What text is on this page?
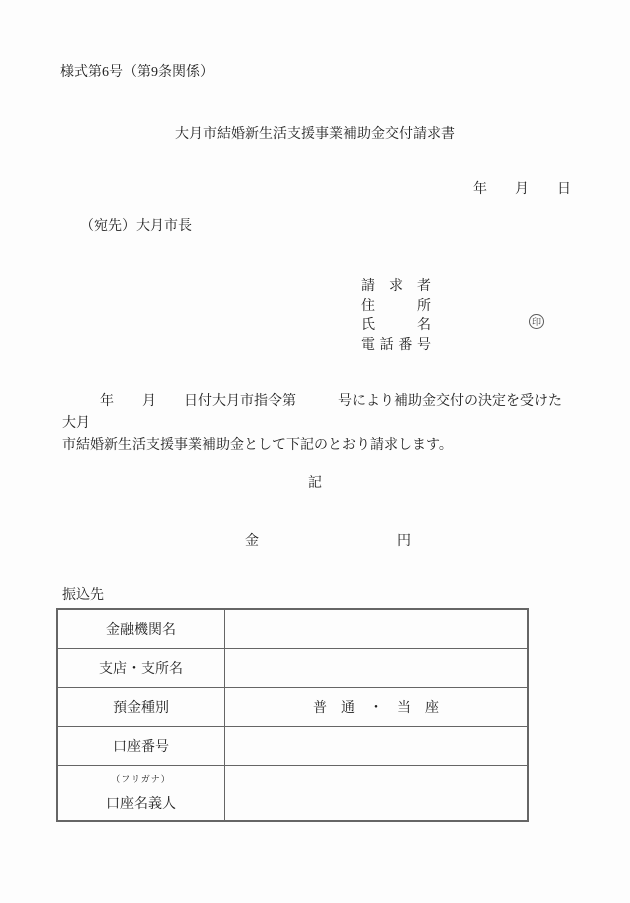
様式第6号（第9条関係）
大月市結婚新生活支援事業補助金交付請求書
年　　月　　日
（宛先）大月市長
請求者
住所
氏名
電話番号
印
年　　月　　日付大月市指令第　　　号により補助金交付の決定を受けた大月
市結婚新生活支援事業補助金として下記のとおり請求します。
記
金	円
振込先
金融機関名	
支店・支所名	
預金種別	普　通　・　当　座
口座番号	

（フリガナ）
口座名義人	
